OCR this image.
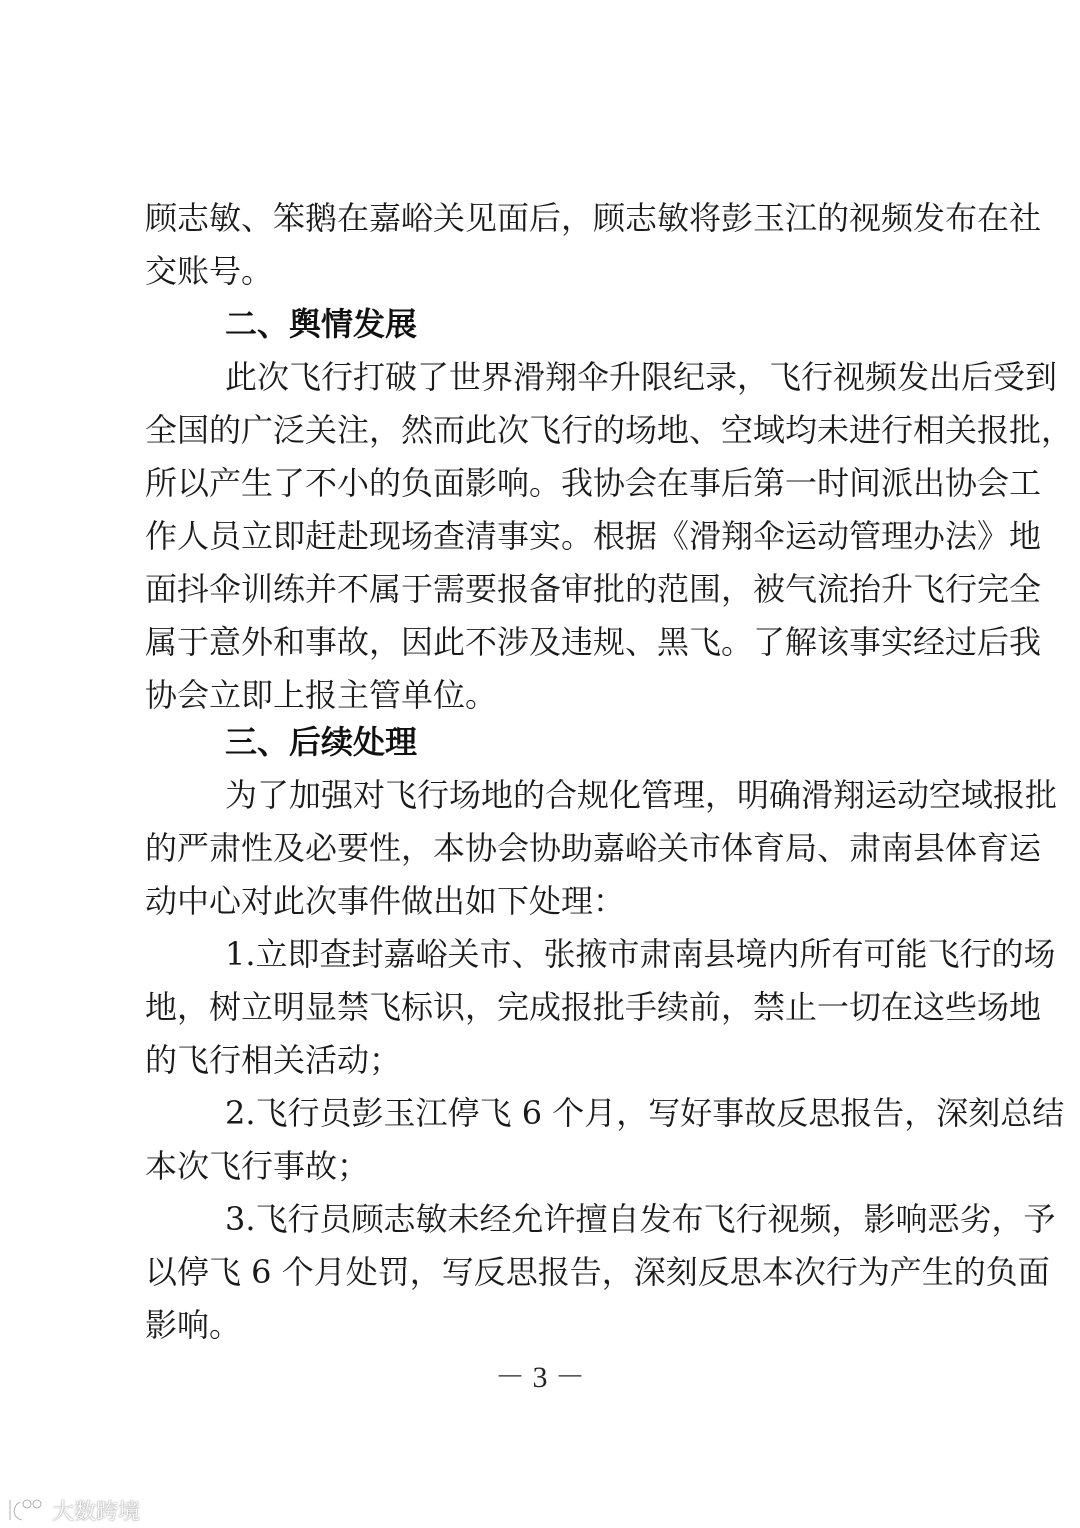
顾志敏、笨鹅在嘉峪关见面后，顾志敏将彭玉江的视频发布在社
交账号。
二、舆情发展
此次飞行打破了世界滑翔伞升限纪录，飞行视频发出后受到
全国的广泛关注，然而此次飞行的场地、空域均未进行相关报批，
所以产生了不小的负面影响。我协会在事后第一时间派出协会工
作人员立即赶赴现场查清事实。根据《滑翔伞运动管理办法》地
面抖伞训练并不属于需要报备审批的范围，被气流抬升飞行完全
属于意外和事故，因此不涉及违规、黑飞。了解该事实经过后我
协会立即上报主管单位。
三、后续处理
为了加强对飞行场地的合规化管理，明确滑翔运动空域报批
的严肃性及必要性，本协会协助嘉峪关市体育局、肃南县体育运
动中心对此次事件做出如下处理：
1.立即查封嘉峪关市、张掖市肃南县境内所有可能飞行的场
地，树立明显禁飞标识，完成报批手续前，禁止一切在这些场地
的飞行相关活动；
2.飞行员彭玉江停飞 6 个月，写好事故反思报告，深刻总结
本次飞行事故；
3.飞行员顾志敏未经允许擅自发布飞行视频，影响恶劣，予
以停飞 6 个月处罚，写反思报告，深刻反思本次行为产生的负面
影响。
－ 3 －
大数跨境
